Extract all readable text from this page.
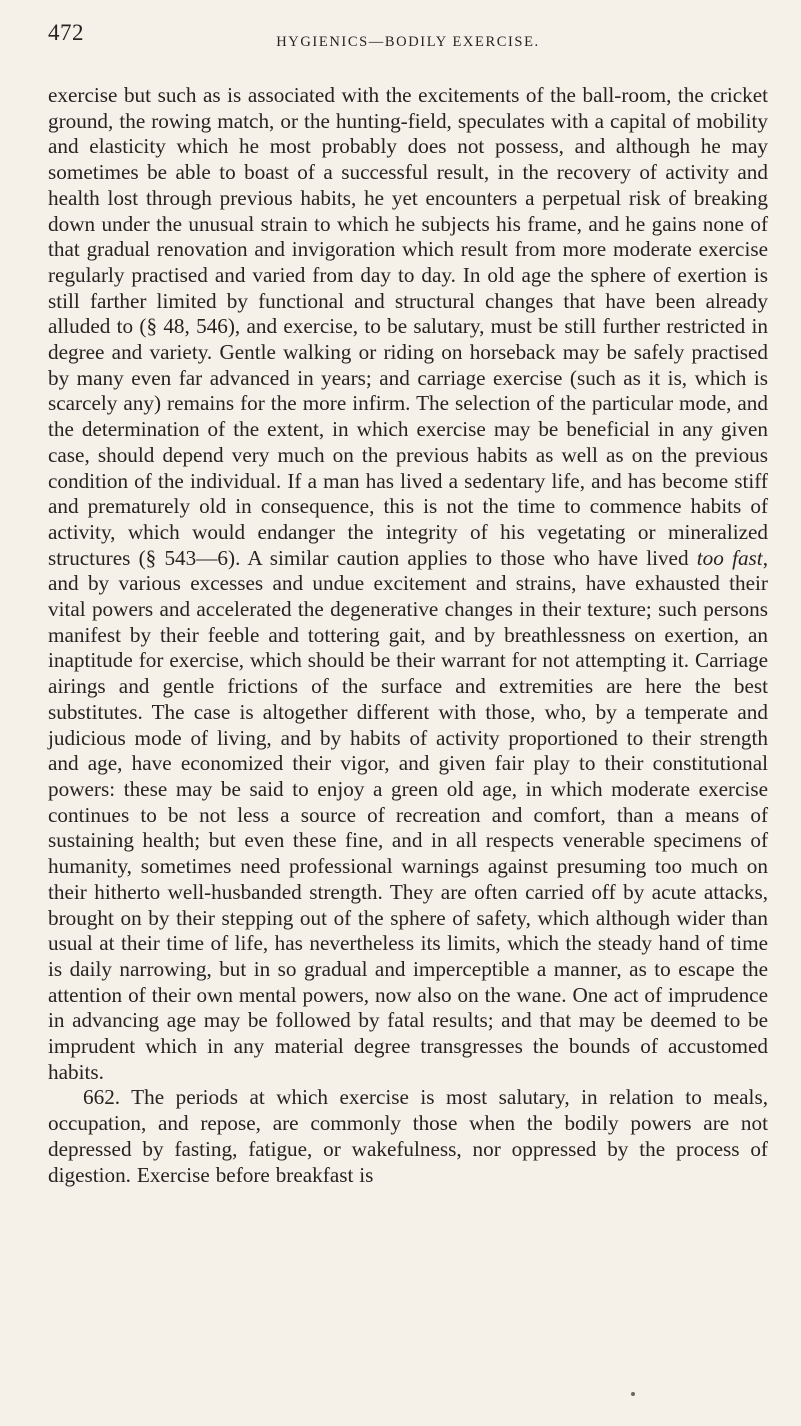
472	HYGIENICS—BODILY EXERCISE.

exercise but such as is associated with the excitements of the ball-room, the cricket ground, the rowing match, or the hunting-field, speculates with a capital of mobility and elasticity which he most probably does not possess, and although he may sometimes be able to boast of a successful result, in the recovery of activity and health lost through previous habits, he yet encounters a perpetual risk of breaking down under the unusual strain to which he subjects his frame, and he gains none of that gradual renovation and invigoration which result from more moderate exercise regularly practised and varied from day to day. In old age the sphere of exertion is still farther limited by functional and structural changes that have been already alluded to (§ 48, 546), and exercise, to be salutary, must be still further restricted in degree and variety. Gentle walking or riding on horseback may be safely practised by many even far advanced in years; and carriage exercise (such as it is, which is scarcely any) remains for the more infirm. The selection of the particular mode, and the determination of the extent, in which exercise may be beneficial in any given case, should depend very much on the previous habits as well as on the previous condition of the individual. If a man has lived a sedentary life, and has become stiff and prematurely old in consequence, this is not the time to commence habits of activity, which would endanger the integrity of his vegetating or mineralized structures (§ 543—6). A similar caution applies to those who have lived too fast, and by various excesses and undue excitement and strains, have exhausted their vital powers and accelerated the degenerative changes in their texture; such persons manifest by their feeble and tottering gait, and by breathlessness on exertion, an inaptitude for exercise, which should be their warrant for not attempting it. Carriage airings and gentle frictions of the surface and extremities are here the best substitutes. The case is altogether different with those, who, by a temperate and judicious mode of living, and by habits of activity proportioned to their strength and age, have economized their vigor, and given fair play to their constitutional powers: these may be said to enjoy a green old age, in which moderate exercise continues to be not less a source of recreation and comfort, than a means of sustaining health; but even these fine, and in all respects venerable specimens of humanity, sometimes need professional warnings against presuming too much on their hitherto well-husbanded strength. They are often carried off by acute attacks, brought on by their stepping out of the sphere of safety, which although wider than usual at their time of life, has nevertheless its limits, which the steady hand of time is daily narrowing, but in so gradual and imperceptible a manner, as to escape the attention of their own mental powers, now also on the wane. One act of imprudence in advancing age may be followed by fatal results; and that may be deemed to be imprudent which in any material degree transgresses the bounds of accustomed habits.

662. The periods at which exercise is most salutary, in relation to meals, occupation, and repose, are commonly those when the bodily powers are not depressed by fasting, fatigue, or wakefulness, nor oppressed by the process of digestion. Exercise before breakfast is
